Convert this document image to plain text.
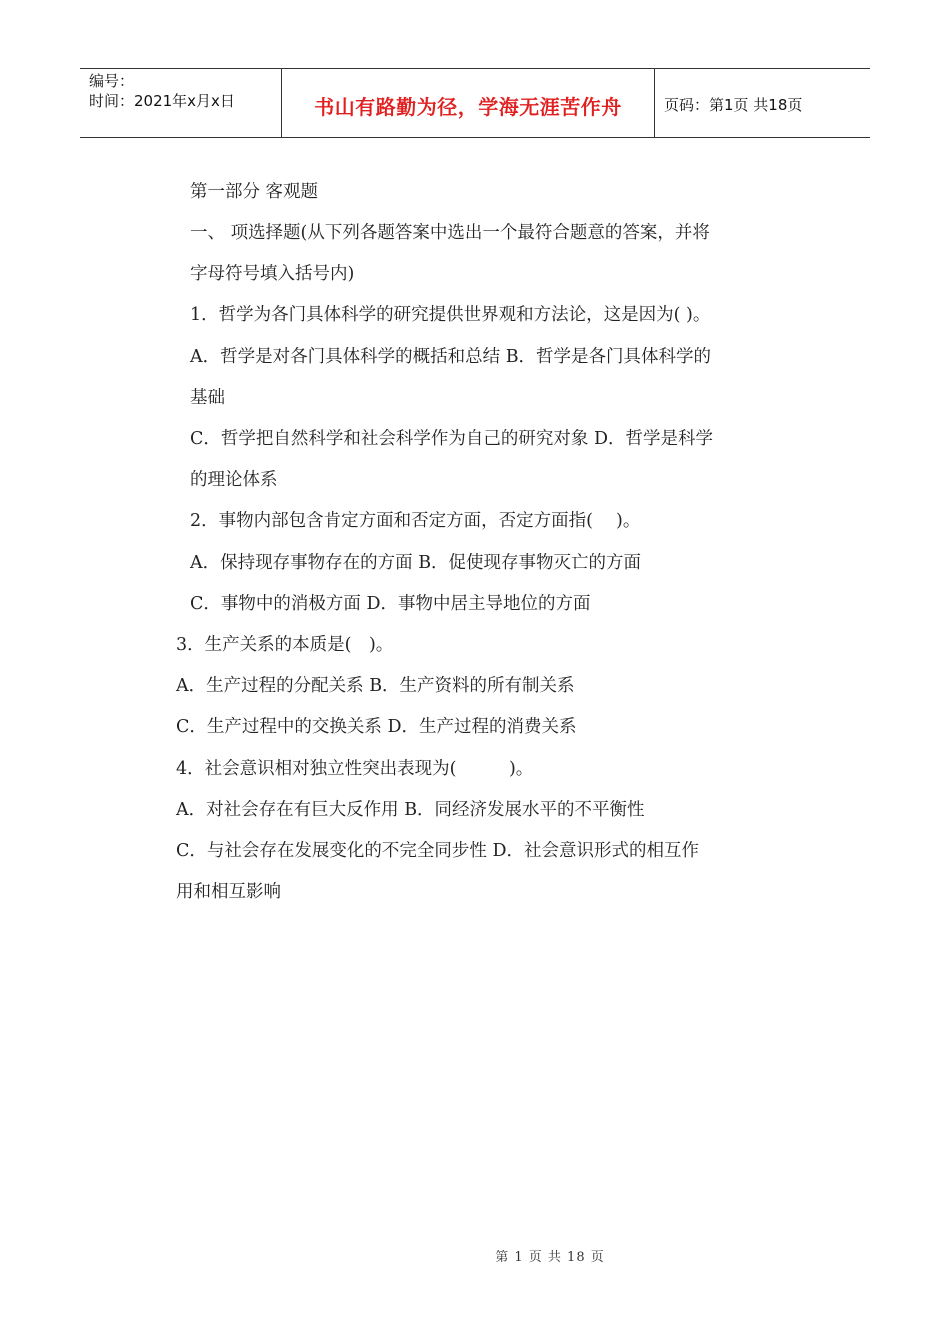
编号：
时间：2021年x月x日	书山有路勤为径，学海无涯苦作舟	页码：第1页 共18页
第一部分 客观题
一、 项选择题(从下列各题答案中选出一个最符合题意的答案，并将
字母符号填入括号内)
1．哲学为各门具体科学的研究提供世界观和方法论，这是因为( )。
A．哲学是对各门具体科学的概括和总结 B．哲学是各门具体科学的
基础
C．哲学把自然科学和社会科学作为自己的研究对象 D．哲学是科学
的理论体系
2．事物内部包含肯定方面和否定方面，否定方面指(　 )。
A．保持现存事物存在的方面 B．促使现存事物灭亡的方面
C．事物中的消极方面 D．事物中居主导地位的方面
3．生产关系的本质是(　)。
A．生产过程的分配关系 B．生产资料的所有制关系
C．生产过程中的交换关系 D．生产过程的消费关系
4．社会意识相对独立性突出表现为(　　　)。
A．对社会存在有巨大反作用 B．同经济发展水平的不平衡性
C．与社会存在发展变化的不完全同步性 D．社会意识形式的相互作
用和相互影响
第 1 页 共 18 页
